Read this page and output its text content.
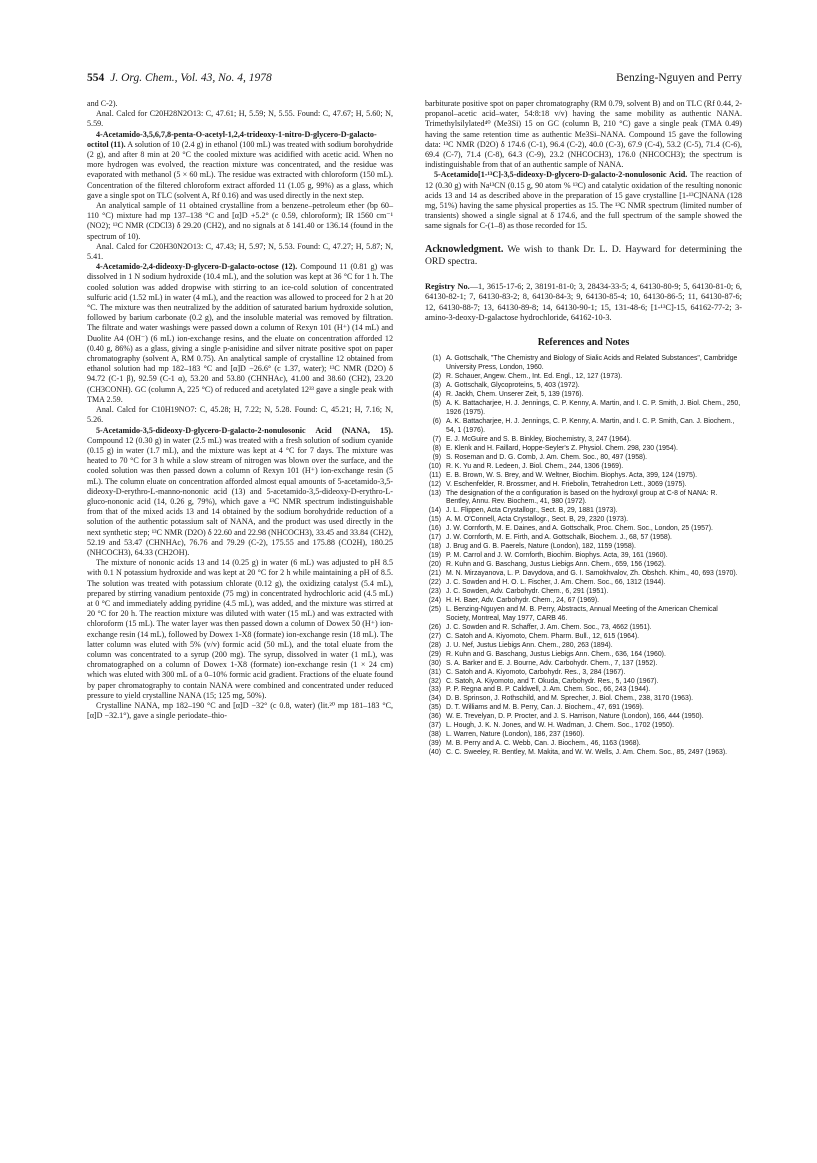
554 J. Org. Chem., Vol. 43, No. 4, 1978	Benzing-Nguyen and Perry

and C-2).

Anal. Calcd for C20H28N2O13: C, 47.61; H, 5.59; N, 5.55. Found: C, 47.67; H, 5.60; N, 5.59.

4-Acetamido-3,5,6,7,8-penta-O-acetyl-1,2,4-trideoxy-1-nitro-D-glycero-D-galacto-octitol (11). A solution of 10 (2.4 g) in ethanol (100 mL) was treated with sodium borohydride (2 g), and after 8 min at 20 °C the cooled mixture was acidified with acetic acid. When no more hydrogen was evolved, the reaction mixture was concentrated, and the residue was evaporated with methanol (5 × 60 mL). The residue was extracted with chloroform (150 mL). Concentration of the filtered chloroform extract afforded 11 (1.05 g, 99%) as a glass, which gave a single spot on TLC (solvent A, Rf 0.16) and was used directly in the next step.

An analytical sample of 11 obtained crystalline from a benzene–petroleum ether (bp 60–110 °C) mixture had mp 137–138 °C and [α]D +5.2° (c 0.59, chloroform); IR 1560 cm⁻¹ (NO2); ¹³C NMR (CDCl3) δ 29.20 (CH2), and no signals at δ 141.40 or 136.14 (found in the spectrum of 10).

Anal. Calcd for C20H30N2O13: C, 47.43; H, 5.97; N, 5.53. Found: C, 47.27; H, 5.87; N, 5.41.

4-Acetamido-2,4-dideoxy-D-glycero-D-galacto-octose (12). Compound 11 (0.81 g) was dissolved in 1 N sodium hydroxide (10.4 mL), and the solution was kept at 36 °C for 1 h. The cooled solution was added dropwise with stirring to an ice-cold solution of concentrated sulfuric acid (1.52 mL) in water (4 mL), and the reaction was allowed to proceed for 2 h at 20 °C. The mixture was then neutralized by the addition of saturated barium hydroxide solution, followed by barium carbonate (0.2 g), and the insoluble material was removed by filtration. The filtrate and water washings were passed down a column of Rexyn 101 (H⁺) (14 mL) and Duolite A4 (OH⁻) (6 mL) ion-exchange resins, and the eluate on concentration afforded 12 (0.40 g, 86%) as a glass, giving a single p-anisidine and silver nitrate positive spot on paper chromatography (solvent A, RM 0.75). An analytical sample of crystalline 12 obtained from ethanol solution had mp 182–183 °C and [α]D −26.6° (c 1.37, water); ¹³C NMR (D2O) δ 94.72 (C-1 β), 92.59 (C-1 α), 53.20 and 53.80 (CHNHAc), 41.00 and 38.60 (CH2), 23.20 (CH3CONH). GC (column A, 225 °C) of reduced and acetylated 12³³ gave a single peak with TMA 2.59.

Anal. Calcd for C10H19NO7: C, 45.28; H, 7.22; N, 5.28. Found: C, 45.21; H, 7.16; N, 5.26.

5-Acetamido-3,5-dideoxy-D-glycero-D-galacto-2-nonulosonic Acid (NANA, 15). Compound 12 (0.30 g) in water (2.5 mL) was treated with a fresh solution of sodium cyanide (0.15 g) in water (1.7 mL), and the mixture was kept at 4 °C for 7 days. The mixture was heated to 70 °C for 3 h while a slow stream of nitrogen was blown over the surface, and the cooled solution was then passed down a column of Rexyn 101 (H⁺) ion-exchange resin (5 mL). The column eluate on concentration afforded almost equal amounts of 5-acetamido-3,5-dideoxy-D-erythro-L-manno-nononic acid (13) and 5-acetamido-3,5-dideoxy-D-erythro-L-gluco-nononic acid (14, 0.26 g, 79%), which gave a ¹³C NMR spectrum indistinguishable from that of the mixed acids 13 and 14 obtained by the sodium borohydride reduction of a solution of the authentic potassium salt of NANA, and the product was used directly in the next synthetic step; ¹³C NMR (D2O) δ 22.60 and 22.98 (NHCOCH3), 33.45 and 33.84 (CH2), 52.19 and 53.47 (CHNHAc), 76.76 and 79.29 (C-2), 175.55 and 175.88 (CO2H), 180.25 (NHCOCH3), 64.33 (CH2OH).

The mixture of nononic acids 13 and 14 (0.25 g) in water (6 mL) was adjusted to pH 8.5 with 0.1 N potassium hydroxide and was kept at 20 °C for 2 h while maintaining a pH of 8.5. The solution was treated with potassium chlorate (0.12 g), the oxidizing catalyst (5.4 mL), prepared by stirring vanadium pentoxide (75 mg) in concentrated hydrochloric acid (4.5 mL) at 0 °C and immediately adding pyridine (4.5 mL), was added, and the mixture was stirred at 20 °C for 20 h. The reaction mixture was diluted with water (15 mL) and was extracted with chloroform (15 mL). The water layer was then passed down a column of Dowex 50 (H⁺) ion-exchange resin (14 mL), followed by Dowex 1-X8 (formate) ion-exchange resin (18 mL). The latter column was eluted with 5% (v/v) formic acid (50 mL), and the total eluate from the column was concentrated to a syrup (200 mg). The syrup, dissolved in water (1 mL), was chromatographed on a column of Dowex 1-X8 (formate) ion-exchange resin (1 × 24 cm) which was eluted with 300 mL of a 0–10% formic acid gradient. Fractions of the eluate found by paper chromatography to contain NANA were combined and concentrated under reduced pressure to yield crystalline NANA (15; 125 mg, 50%).

Crystalline NANA, mp 182–190 °C and [α]D −32° (c 0.8, water) (lit.²⁰ mp 181–183 °C, [α]D −32.1°), gave a single periodate–thio-

barbiturate positive spot on paper chromatography (RM 0.79, solvent B) and on TLC (Rf 0.44, 2-propanol–acetic acid–water, 54:8:18 v/v) having the same mobility as authentic NANA. Trimethylsilylated⁴⁰ (Me3Si) 15 on GC (column B, 210 °C) gave a single peak (TMA 0.49) having the same retention time as authentic Me3Si–NANA. Compound 15 gave the following data: ¹³C NMR (D2O) δ 174.6 (C-1), 96.4 (C-2), 40.0 (C-3), 67.9 (C-4), 53.2 (C-5), 71.4 (C-6), 69.4 (C-7), 71.4 (C-8), 64.3 (C-9), 23.2 (NHCOCH3), 176.0 (NHCOCH3); the spectrum is indistinguishable from that of an authentic sample of NANA.

5-Acetamido[1-¹³C]-3,5-dideoxy-D-glycero-D-galacto-2-nonulosonic Acid. The reaction of 12 (0.30 g) with Na¹³CN (0.15 g, 90 atom % ¹³C) and catalytic oxidation of the resulting nononic acids 13 and 14 as described above in the preparation of 15 gave crystalline [1-¹³C]NANA (128 mg, 51%) having the same physical properties as 15. The ¹³C NMR spectrum (limited number of transients) showed a single signal at δ 174.6, and the full spectrum of the sample showed the same signals for C-(1–8) as those recorded for 15.

Acknowledgment. We wish to thank Dr. L. D. Hayward for determining the ORD spectra.

Registry No.—1, 3615-17-6; 2, 38191-81-0; 3, 28434-33-5; 4, 64130-80-9; 5, 64130-81-0; 6, 64130-82-1; 7, 64130-83-2; 8, 64130-84-3; 9, 64130-85-4; 10, 64130-86-5; 11, 64130-87-6; 12, 64130-88-7; 13, 64130-89-8; 14, 64130-90-1; 15, 131-48-6; [1-¹³C]-15, 64162-77-2; 3-amino-3-deoxy-D-galactose hydrochloride, 64162-10-3.

References and Notes
(1) A. Gottschalk, "The Chemistry and Biology of Sialic Acids and Related Substances", Cambridge University Press, London, 1960.
(2) R. Schauer, Angew. Chem., Int. Ed. Engl., 12, 127 (1973).
(3) A. Gottschalk, Glycoproteins, 5, 403 (1972).
(4) R. Jackh, Chem. Unserer Zeit, 5, 139 (1976).
(5) A. K. Battacharjee, H. J. Jennings, C. P. Kenny, A. Martin, and I. C. P. Smith, J. Biol. Chem., 250, 1926 (1975).
(6) A. K. Battacharjee, H. J. Jennings, C. P. Kenny, A. Martin, and I. C. P. Smith, Can. J. Biochem., 54, 1 (1976).
(7) E. J. McGuire and S. B. Binkley, Biochemistry, 3, 247 (1964).
(8) E. Klenk and H. Faillard, Hoppe-Seyler's Z. Physiol. Chem. 298, 230 (1954).
(9) S. Roseman and D. G. Comb, J. Am. Chem. Soc., 80, 497 (1958).
(10) R. K. Yu and R. Ledeen, J. Biol. Chem., 244, 1306 (1969).
(11) E. B. Brown, W. S. Brey, and W. Weltner, Biochim. Biophys. Acta, 399, 124 (1975).
(12) V. Eschenfelder, R. Brossmer, and H. Friebolin, Tetrahedron Lett., 3069 (1975).
(13) The designation of the α configuration is based on the hydroxyl group at C-8 of NANA: R. Bentley, Annu. Rev. Biochem., 41, 980 (1972).
(14) J. L. Flippen, Acta Crystallogr., Sect. B, 29, 1881 (1973).
(15) A. M. O'Connell, Acta Crystallogr., Sect. B, 29, 2320 (1973).
(16) J. W. Cornforth, M. E. Daines, and A. Gottschalk, Proc. Chem. Soc., London, 25 (1957).
(17) J. W. Cornforth, M. E. Firth, and A. Gottschalk, Biochem. J., 68, 57 (1958).
(18) J. Brug and G. B. Paerels, Nature (London), 182, 1159 (1958).
(19) P. M. Carrol and J. W. Cornforth, Biochim. Biophys. Acta, 39, 161 (1960).
(20) R. Kuhn and G. Baschang, Justus Liebigs Ann. Chem., 659, 156 (1962).
(21) M. N. Mirzayanova, L. P. Davydova, and G. I. Samokhvalov, Zh. Obshch. Khim., 40, 693 (1970).
(22) J. C. Sowden and H. O. L. Fischer, J. Am. Chem. Soc., 66, 1312 (1944).
(23) J. C. Sowden, Adv. Carbohydr. Chem., 6, 291 (1951).
(24) H. H. Baer, Adv. Carbohydr. Chem., 24, 67 (1969).
(25) L. Benzing-Nguyen and M. B. Perry, Abstracts, Annual Meeting of the American Chemical Society, Montreal, May 1977, CARB 46.
(26) J. C. Sowden and R. Schaffer, J. Am. Chem. Soc., 73, 4662 (1951).
(27) C. Satoh and A. Kiyomoto, Chem. Pharm. Bull., 12, 615 (1964).
(28) J. U. Nef, Justus Liebigs Ann. Chem., 280, 263 (1894).
(29) R. Kuhn and G. Baschang, Justus Liebigs Ann. Chem., 636, 164 (1960).
(30) S. A. Barker and E. J. Bourne, Adv. Carbohydr. Chem., 7, 137 (1952).
(31) C. Satoh and A. Kiyomoto, Carbohydr. Res., 3, 284 (1967).
(32) C. Satoh, A. Kiyomoto, and T. Okuda, Carbohydr. Res., 5, 140 (1967).
(33) P. P. Regna and B. P. Caldwell, J. Am. Chem. Soc., 66, 243 (1944).
(34) D. B. Sprinson, J. Rothschild, and M. Sprecher, J. Biol. Chem., 238, 3170 (1963).
(35) D. T. Williams and M. B. Perry, Can. J. Biochem., 47, 691 (1969).
(36) W. E. Trevelyan, D. P. Procter, and J. S. Harrison, Nature (London), 166, 444 (1950).
(37) L. Hough, J. K. N. Jones, and W. H. Wadman, J. Chem. Soc., 1702 (1950).
(38) L. Warren, Nature (London), 186, 237 (1960).
(39) M. B. Perry and A. C. Webb, Can. J. Biochem., 46, 1163 (1968).
(40) C. C. Sweeley, R. Bentley, M. Makita, and W. W. Wells, J. Am. Chem. Soc., 85, 2497 (1963).
